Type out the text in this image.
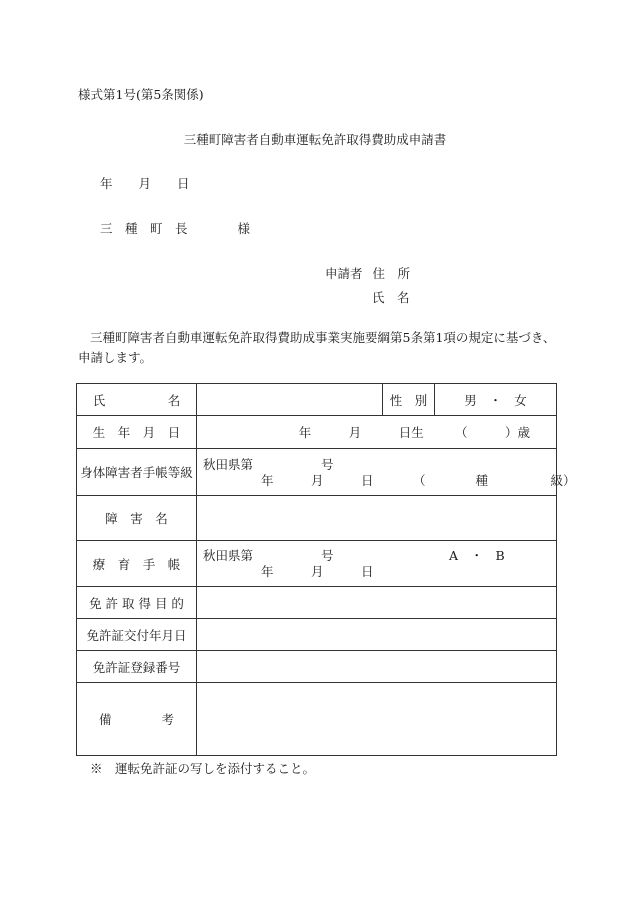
様式第1号(第5条関係)
三種町障害者自動車運転免許取得費助成申請書
年 月 日
三　種　町　長	様
申請者 住　所
氏　名
三種町障害者自動車運転免許取得費助成事業実施要綱第5条第1項の規定に基づき、申請します。
氏　　　　　名		性　別	男　・　女
生　年　月　日	年　　　月　　　日生　　　（　　　）歳		
身体障害者手帳等級	秋田県第 号
年　　　月　　　日 （　　　　種　　　　　級）		

障　害　名			
療　育　手　帳	秋田県第 号 A　・　B
年　　　月　　　日		

免 許 取 得 目 的			
免許証交付年月日			
免許証登録番号			
備　　　　考			
※　運転免許証の写しを添付すること。
